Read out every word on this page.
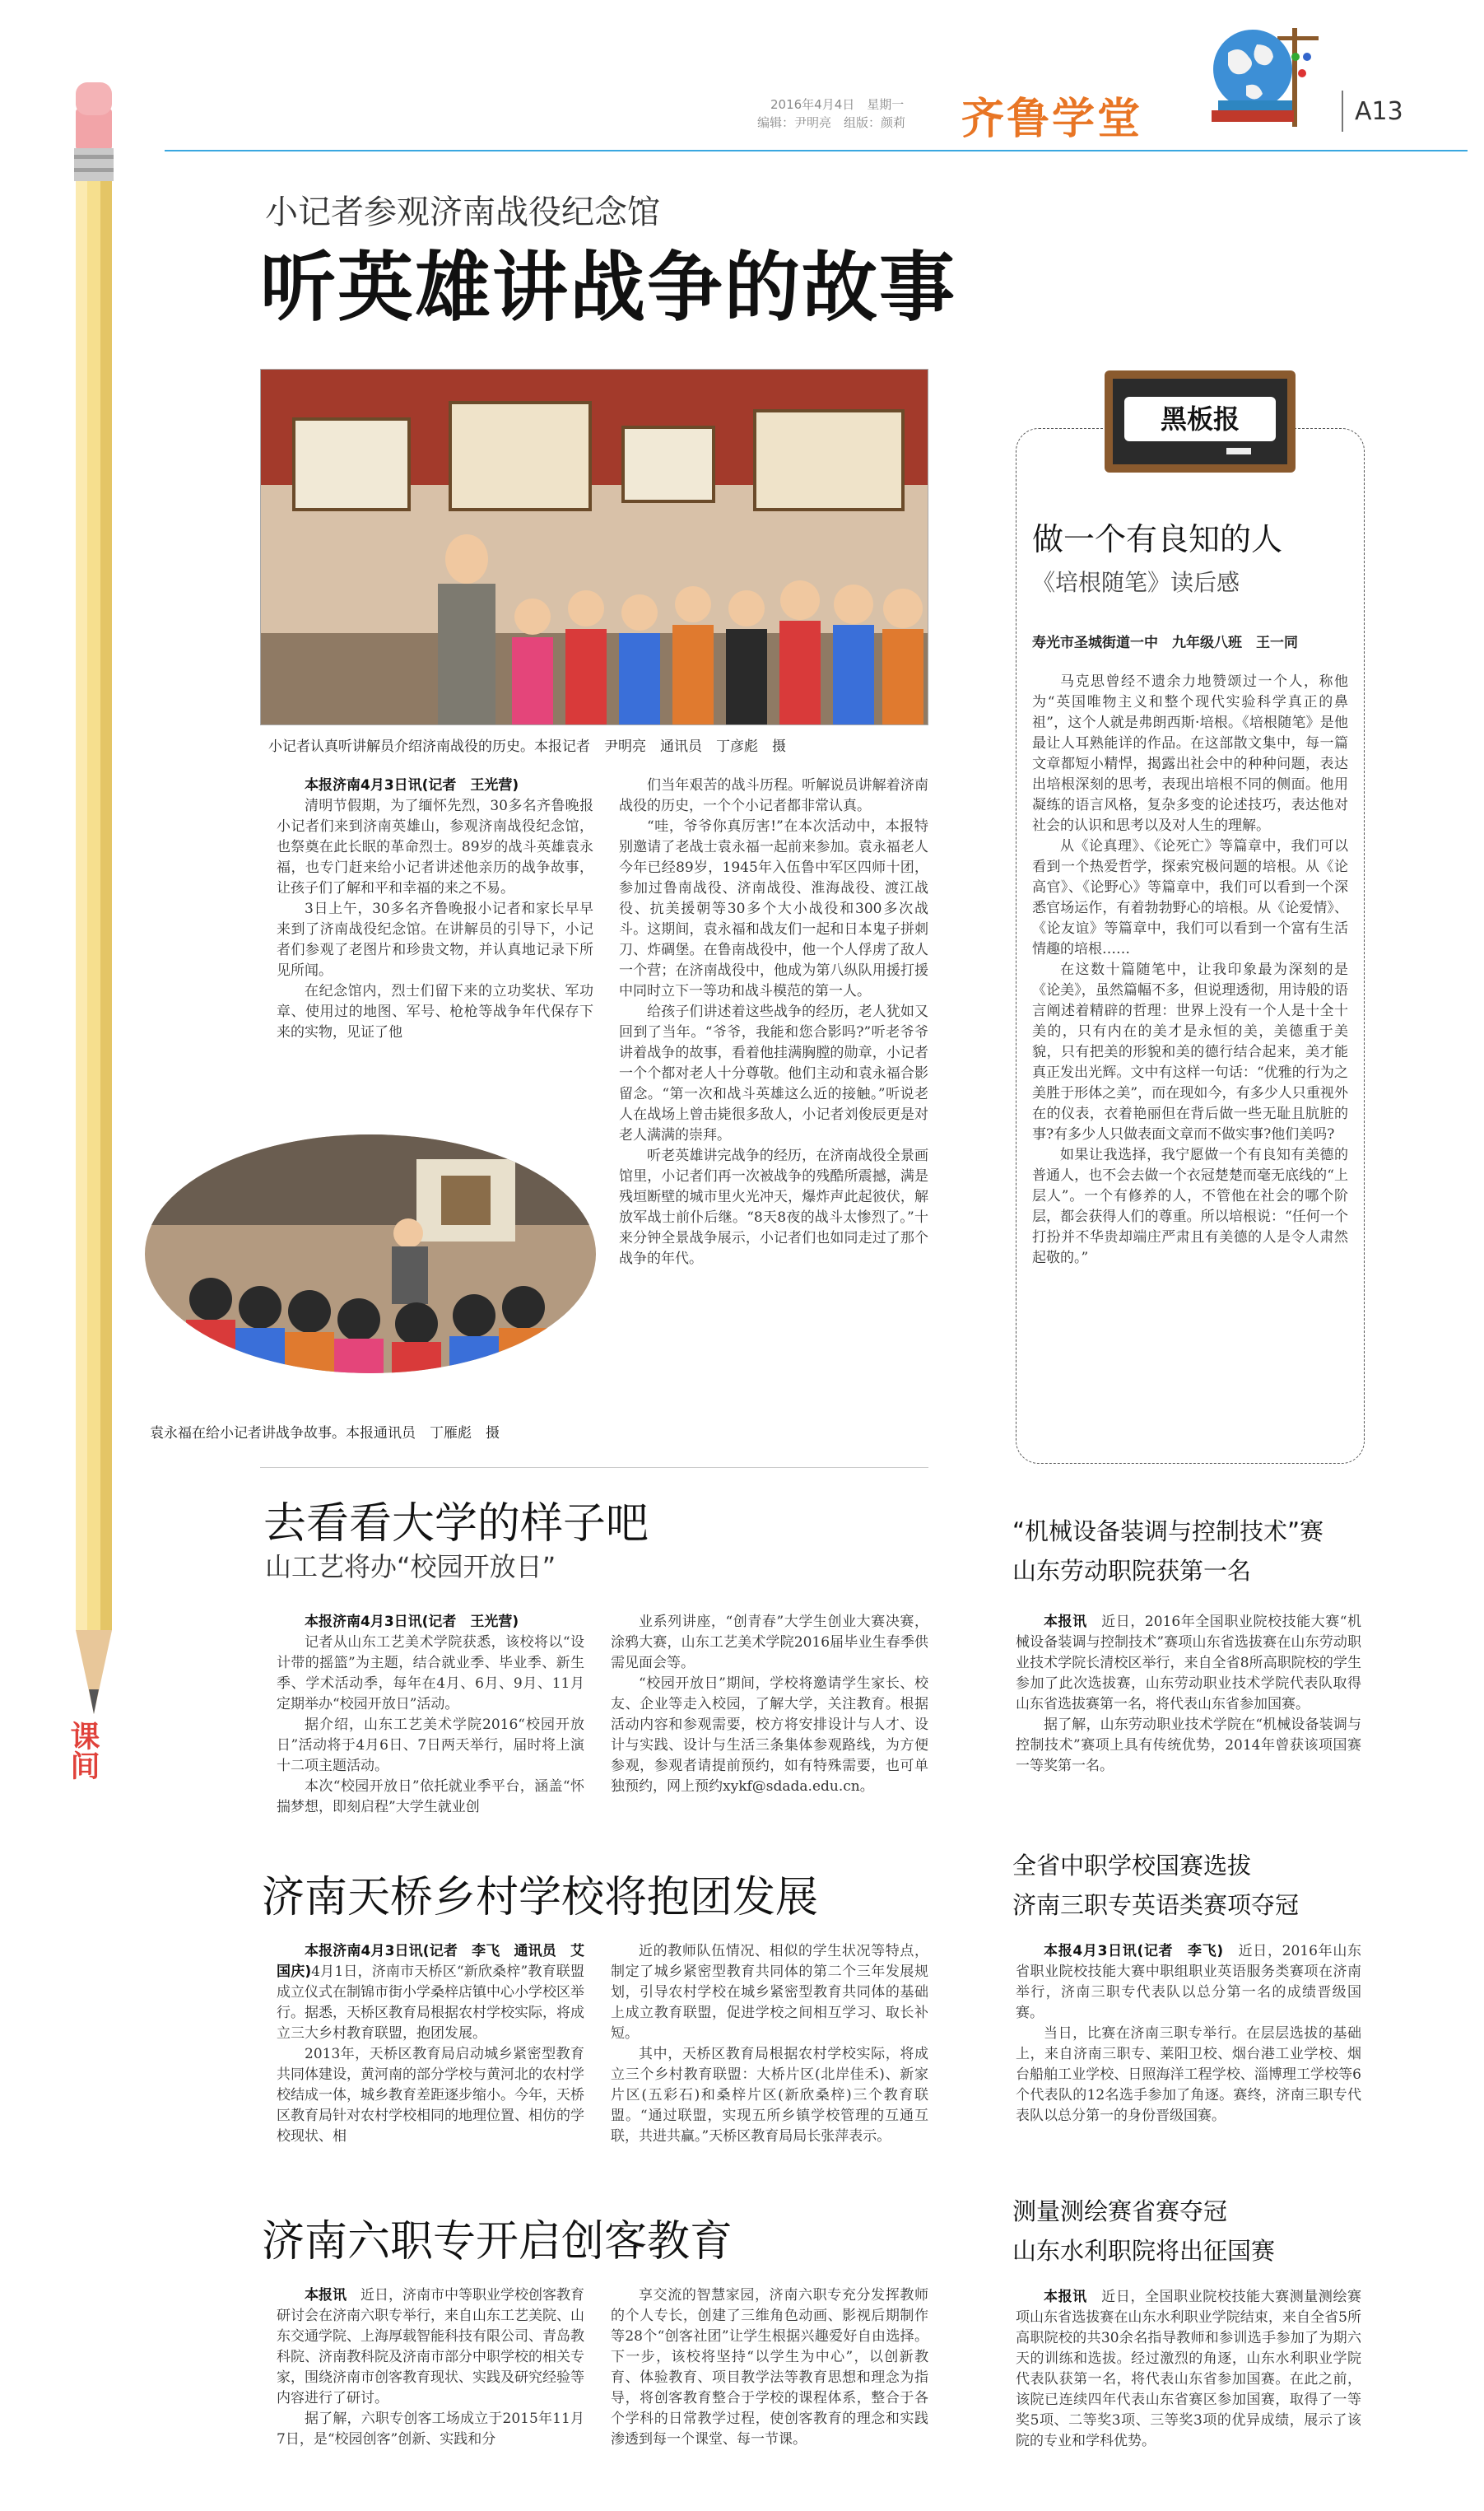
课间
2016年4月4日　星期一
编辑：尹明亮　组版：颜莉 齐鲁学堂	A13
小记者参观济南战役纪念馆
听英雄讲战争的故事
小记者认真听讲解员介绍济南战役的历史。本报记者　尹明亮　通讯员　丁彦彪　摄

本报济南4月3日讯(记者　王光营)

清明节假期，为了缅怀先烈，30多名齐鲁晚报小记者们来到济南英雄山，参观济南战役纪念馆，也祭奠在此长眠的革命烈士。89岁的战斗英雄袁永福，也专门赶来给小记者讲述他亲历的战争故事，让孩子们了解和平和幸福的来之不易。

3日上午，30多名齐鲁晚报小记者和家长早早来到了济南战役纪念馆。在讲解员的引导下，小记者们参观了老图片和珍贵文物，并认真地记录下所见所闻。

在纪念馆内，烈士们留下来的立功奖状、军功章、使用过的地图、军号、枪枪等战争年代保存下来的实物，见证了他

袁永福在给小记者讲战争故事。本报通讯员　丁雁彪　摄

们当年艰苦的战斗历程。听解说员讲解着济南战役的历史，一个个小记者都非常认真。

“哇，爷爷你真厉害!”在本次活动中，本报特别邀请了老战士袁永福一起前来参加。袁永福老人今年已经89岁，1945年入伍鲁中军区四师十团，参加过鲁南战役、济南战役、淮海战役、渡江战役、抗美援朝等30多个大小战役和300多次战斗。这期间，袁永福和战友们一起和日本鬼子拼刺刀、炸碉堡。在鲁南战役中，他一个人俘虏了敌人一个营；在济南战役中，他成为第八纵队用援打援中同时立下一等功和战斗模范的第一人。

给孩子们讲述着这些战争的经历，老人犹如又回到了当年。“爷爷，我能和您合影吗?”听老爷爷讲着战争的故事，看着他挂满胸膛的勋章，小记者一个个都对老人十分尊敬。他们主动和袁永福合影留念。“第一次和战斗英雄这么近的接触。”听说老人在战场上曾击毙很多敌人，小记者刘俊辰更是对老人满满的崇拜。

听老英雄讲完战争的经历，在济南战役全景画馆里，小记者们再一次被战争的残酷所震撼，满是残垣断壁的城市里火光冲天，爆炸声此起彼伏，解放军战士前仆后继。“8天8夜的战斗太惨烈了。”十来分钟全景战争展示，小记者们也如同走过了那个战争的年代。

黑板报
做一个有良知的人
《培根随笔》读后感
寿光市圣城街道一中　九年级八班　王一同

马克思曾经不遗余力地赞颂过一个人，称他为“英国唯物主义和整个现代实验科学真正的鼻祖”，这个人就是弗朗西斯·培根。《培根随笔》是他最让人耳熟能详的作品。在这部散文集中，每一篇文章都短小精悍，揭露出社会中的种种问题，表达出培根深刻的思考，表现出培根不同的侧面。他用凝练的语言风格，复杂多变的论述技巧，表达他对社会的认识和思考以及对人生的理解。

从《论真理》、《论死亡》等篇章中，我们可以看到一个热爱哲学，探索究极问题的培根。从《论高官》、《论野心》等篇章中，我们可以看到一个深悉官场运作，有着勃勃野心的培根。从《论爱情》、《论友谊》等篇章中，我们可以看到一个富有生活情趣的培根……

在这数十篇随笔中，让我印象最为深刻的是《论美》，虽然篇幅不多，但说理透彻，用诗般的语言阐述着精辟的哲理：世界上没有一个人是十全十美的，只有内在的美才是永恒的美，美德重于美貌，只有把美的形貌和美的德行结合起来，美才能真正发出光辉。文中有这样一句话：“优雅的行为之美胜于形体之美”，而在现如今，有多少人只重视外在的仪表，衣着艳丽但在背后做一些无耻且肮脏的事?有多少人只做表面文章而不做实事?他们美吗?

如果让我选择，我宁愿做一个有良知有美德的普通人，也不会去做一个衣冠楚楚而毫无底线的“上层人”。一个有修养的人，不管他在社会的哪个阶层，都会获得人们的尊重。所以培根说：“任何一个打扮并不华贵却端庄严肃且有美德的人是令人肃然起敬的。”

去看看大学的样子吧
山工艺将办“校园开放日”

本报济南4月3日讯(记者　王光营)

记者从山东工艺美术学院获悉，该校将以“设计带的摇篮”为主题，结合就业季、毕业季、新生季、学术活动季，每年在4月、6月、9月、11月定期举办“校园开放日”活动。

据介绍，山东工艺美术学院2016“校园开放日”活动将于4月6日、7日两天举行，届时将上演十二项主题活动。

本次“校园开放日”依托就业季平台，涵盖“怀揣梦想，即刻启程”大学生就业创

业系列讲座，“创青春”大学生创业大赛决赛，涂鸦大赛，山东工艺美术学院2016届毕业生春季供需见面会等。

“校园开放日”期间，学校将邀请学生家长、校友、企业等走入校园，了解大学，关注教育。根据活动内容和参观需要，校方将安排设计与人才、设计与实践、设计与生活三条集体参观路线，为方便参观，参观者请提前预约，如有特殊需要，也可单独预约，网上预约xykf@sdada.edu.cn。

济南天桥乡村学校将抱团发展

本报济南4月3日讯(记者　李飞　通讯员　艾国庆)4月1日，济南市天桥区“新欣桑梓”教育联盟成立仪式在制锦市街小学桑梓店镇中心小学校区举行。据悉，天桥区教育局根据农村学校实际，将成立三大乡村教育联盟，抱团发展。

2013年，天桥区教育局启动城乡紧密型教育共同体建设，黄河南的部分学校与黄河北的农村学校结成一体，城乡教育差距逐步缩小。今年，天桥区教育局针对农村学校相同的地理位置、相仿的学校现状、相

近的教师队伍情况、相似的学生状况等特点，制定了城乡紧密型教育共同体的第二个三年发展规划，引导农村学校在城乡紧密型教育共同体的基础上成立教育联盟，促进学校之间相互学习、取长补短。

其中，天桥区教育局根据农村学校实际，将成立三个乡村教育联盟：大桥片区(北岸佳禾)、新家片区(五彩石)和桑梓片区(新欣桑梓)三个教育联盟。“通过联盟，实现五所乡镇学校管理的互通互联，共进共赢。”天桥区教育局局长张萍表示。

济南六职专开启创客教育

本报讯　 近日，济南市中等职业学校创客教育研讨会在济南六职专举行，来自山东工艺美院、山东交通学院、上海厚载智能科技有限公司、青岛教科院、济南教科院及济南市部分中职学校的相关专家，围绕济南市创客教育现状、实践及研究经验等内容进行了研讨。

据了解，六职专创客工场成立于2015年11月7日，是“校园创客”创新、实践和分

享交流的智慧家园，济南六职专充分发挥教师的个人专长，创建了三维角色动画、影视后期制作等28个“创客社团”让学生根据兴趣爱好自由选择。下一步，该校将坚持“以学生为中心”，以创新教育、体验教育、项目教学法等教育思想和理念为指导，将创客教育整合于学校的课程体系，整合于各个学科的日常教学过程，使创客教育的理念和实践渗透到每一个课堂、每一节课。

“机械设备装调与控制技术”赛
山东劳动职院获第一名

本报讯　 近日，2016年全国职业院校技能大赛“机械设备装调与控制技术”赛项山东省选拔赛在山东劳动职业技术学院长清校区举行，来自全省8所高职院校的学生参加了此次选拔赛，山东劳动职业技术学院代表队取得山东省选拔赛第一名，将代表山东省参加国赛。

据了解，山东劳动职业技术学院在“机械设备装调与控制技术”赛项上具有传统优势，2014年曾获该项国赛一等奖第一名。

全省中职学校国赛选拔
济南三职专英语类赛项夺冠

本报4月3日讯(记者　李飞)　 近日，2016年山东省职业院校技能大赛中职组职业英语服务类赛项在济南举行，济南三职专代表队以总分第一名的成绩晋级国赛。

当日，比赛在济南三职专举行。在层层选拔的基础上，来自济南三职专、莱阳卫校、烟台港工业学校、烟台船舶工业学校、日照海洋工程学校、淄博理工学校等6个代表队的12名选手参加了角逐。赛终，济南三职专代表队以总分第一的身份晋级国赛。

测量测绘赛省赛夺冠
山东水利职院将出征国赛

本报讯　 近日，全国职业院校技能大赛测量测绘赛项山东省选拔赛在山东水利职业学院结束，来自全省5所高职院校的共30余名指导教师和参训选手参加了为期六天的训练和选拔。经过激烈的角逐，山东水利职业学院代表队获第一名，将代表山东省参加国赛。在此之前，该院已连续四年代表山东省赛区参加国赛，取得了一等奖5项、二等奖3项、三等奖3项的优异成绩，展示了该院的专业和学科优势。
